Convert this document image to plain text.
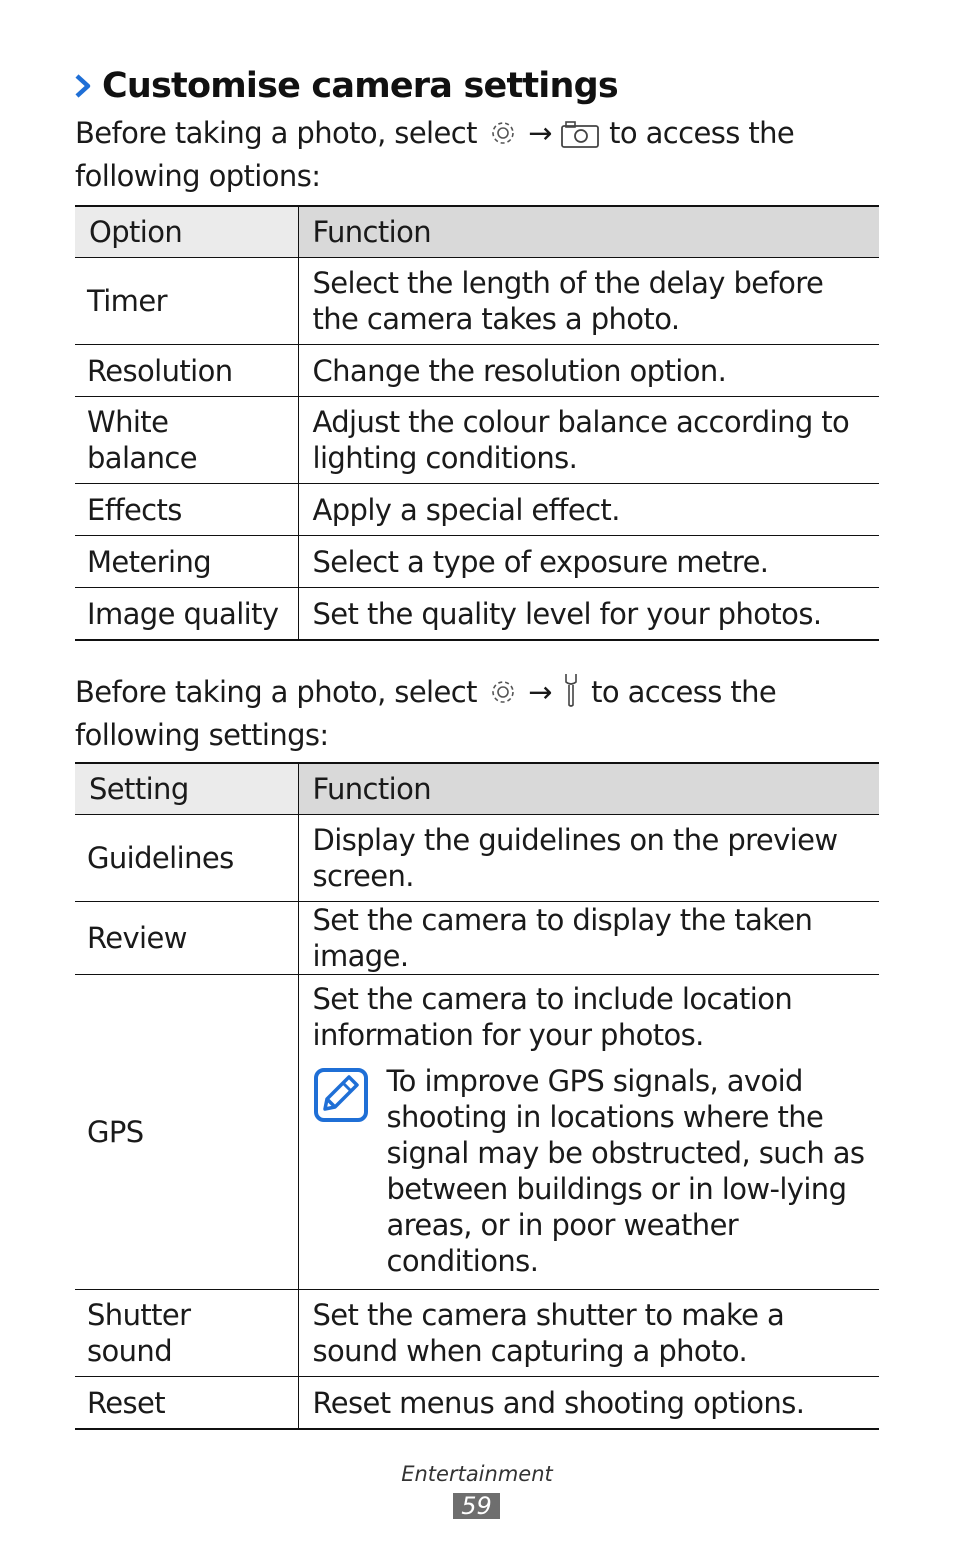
Customise camera settings

Before taking a photo, select → to access the following options:

Option	Function
Timer	Select the length of the delay before the camera takes a photo.
Resolution	Change the resolution option.
White balance	Adjust the colour balance according to lighting conditions.
Effects	Apply a special effect.
Metering	Select a type of exposure metre.
Image quality	Set the quality level for your photos.

Before taking a photo, select → to access the following settings:

Setting	Function
Guidelines	Display the guidelines on the preview screen.
Review	Set the camera to display the taken image.
GPS	Set the camera to include location information for your photos.
To improve GPS signals, avoid shooting in locations where the signal may be obstructed, such as between buildings or in low-lying areas, or in poor weather conditions.

Shutter sound	Set the camera shutter to make a sound when capturing a photo.
Reset	Reset menus and shooting options.
Entertainment
59
